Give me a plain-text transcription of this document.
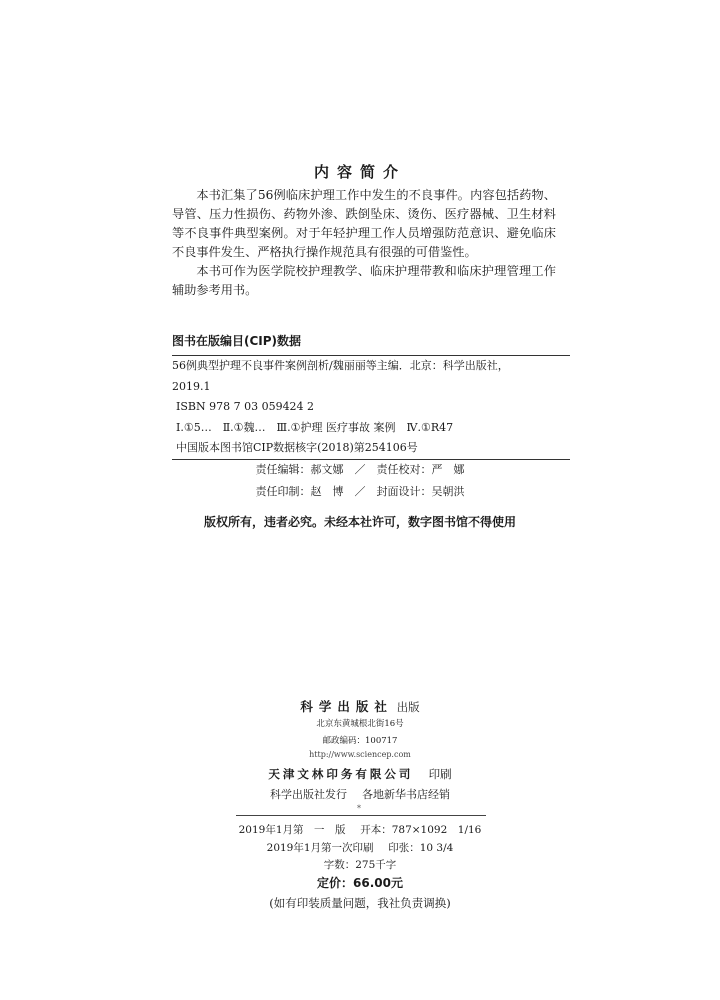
内容简介

本书汇集了56例临床护理工作中发生的不良事件。内容包括药物、导管、压力性损伤、药物外渗、跌倒坠床、烫伤、医疗器械、卫生材料等不良事件典型案例。对于年轻护理工作人员增强防范意识、避免临床不良事件发生、严格执行操作规范具有很强的可借鉴性。

本书可作为医学院校护理教学、临床护理带教和临床护理管理工作辅助参考用书。

图书在版编目(CIP)数据
56例典型护理不良事件案例剖析/魏丽丽等主编．北京：科学出版社，
2019.1
ISBN 978 7 03 059424 2
Ⅰ.①5…　Ⅱ.①魏…　Ⅲ.①护理 医疗事故 案例　Ⅳ.①R47
中国版本图书馆CIP数据核字(2018)第254106号
责任编辑：郝文娜　／　责任校对：严　娜
责任印制：赵　博　／　封面设计：吴朝洪
版权所有，违者必究。未经本社许可，数字图书馆不得使用
科学出版社 出版
北京东黄城根北街16号
邮政编码：100717
http://www.sciencep.com
天津文林印务有限公司 印刷
科学出版社发行 各地新华书店经销
*
2019年1月第　一　版 开本：787×1092　1/16
2019年1月第一次印刷 印张：10 3/4
字数：275千字
定价：66.00元
(如有印装质量问题，我社负责调换)
